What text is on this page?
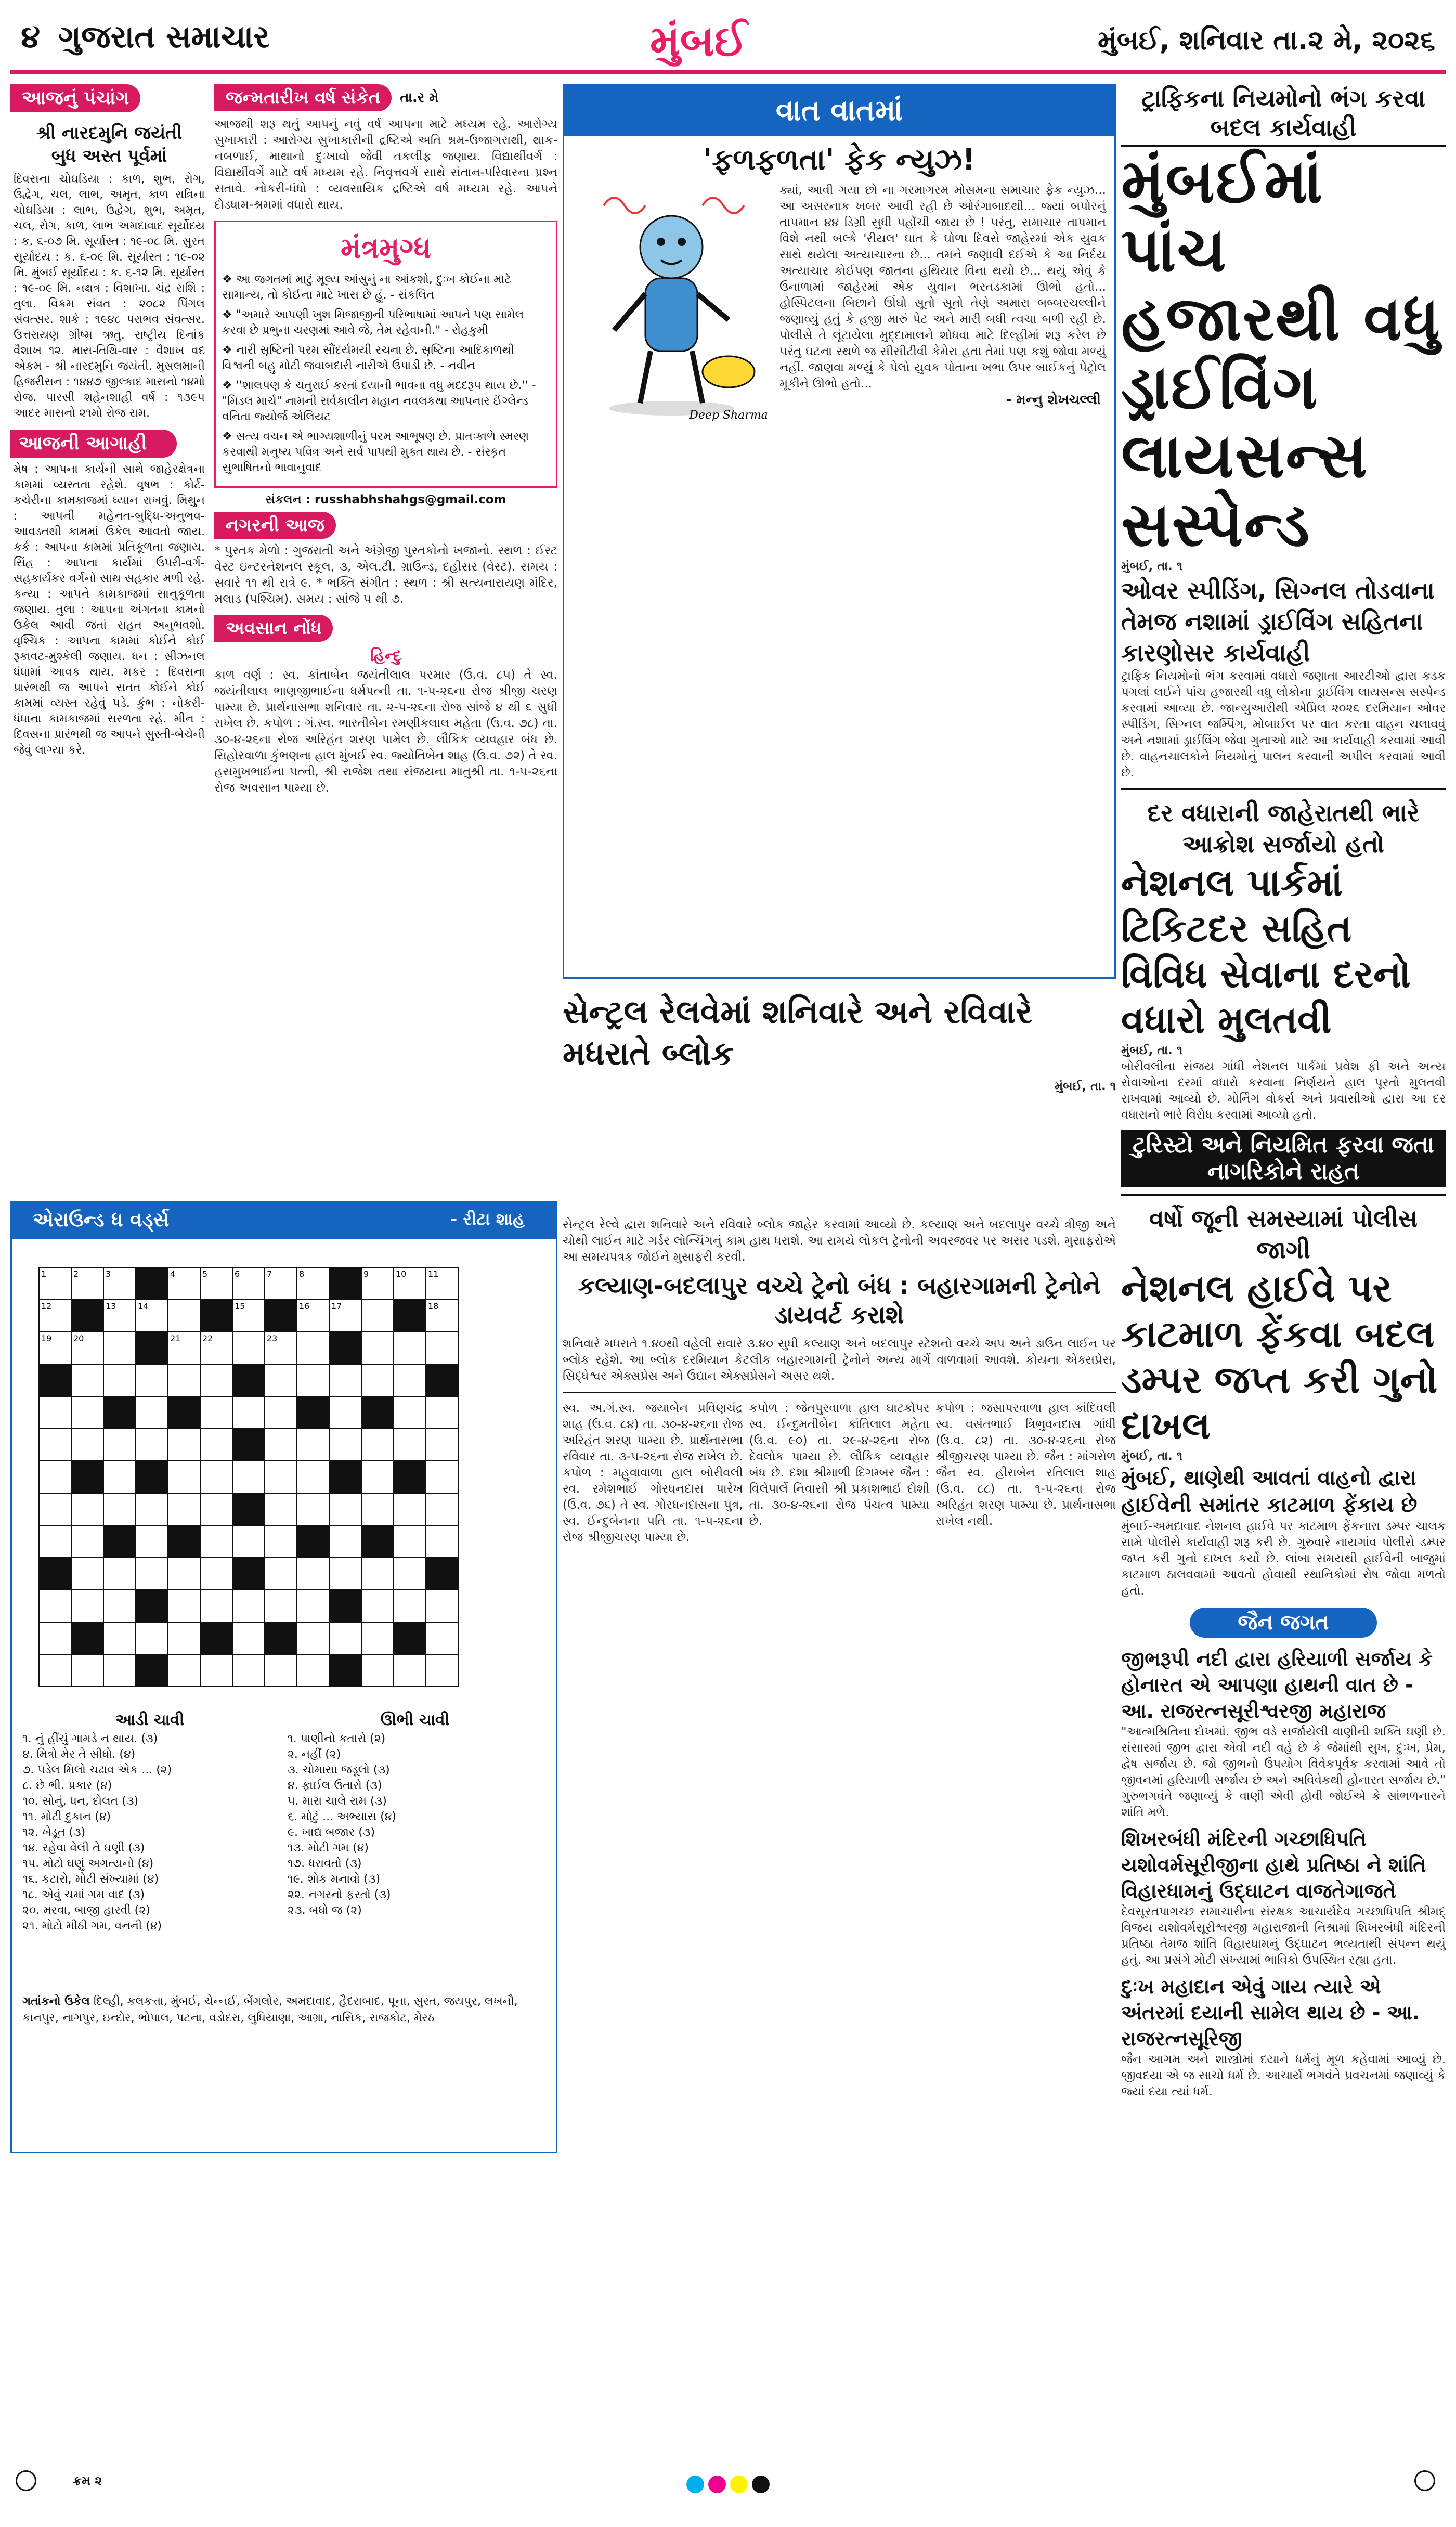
૪ ગુજરાત સમાચાર	મુંબઈ	મુંબઈ, શનિવાર તા.૨ મે, ૨૦૨૬
આજનું પંચાંગ
શ્રી નારદમુનિ જયંતી
બુધ અસ્ત પૂર્વમાં
દિવસના ચોઘડિયા : કાળ, શુભ, રોગ, ઉદ્વેગ, ચલ, લાભ, અમૃત, કાળ રાત્રિના ચોઘડિયા : લાભ, ઉદ્વેગ, શુભ, અમૃત, ચલ, રોગ, કાળ, લાભ અમદાવાદ સૂર્યોદય : ક. ૬-૦૭ મિ. સૂર્યાસ્ત : ૧૯-૦૮ મિ. સુરત સૂર્યોદય : ક. ૬-૦૯ મિ. સૂર્યાસ્ત : ૧૯-૦૨ મિ. મુંબઈ સૂર્યોદય : ક. ૬-૧૨ મિ. સૂર્યાસ્ત : ૧૯-૦૯ મિ. નક્ષત્ર : વિશાખા. ચંદ્ર રાશિ : તુલા. વિક્રમ સંવત : ૨૦૮૨ પિંગલ સંવત્સર. શાકે : ૧૯૪૮ પરાભવ સંવત્સર. ઉત્તરાયણ ગ્રીષ્મ ઋતુ. રાષ્ટ્રીય દિનાંક વૈશાખ ૧૨. માસ-તિથિ-વાર : વૈશાખ વદ એકમ - શ્રી નારદમુનિ જયંતી. મુસલમાની હિજરીસન : ૧૪૪૭ જીલ્કાદ માસનો ૧૪મો રોજ. પારસી શહેનશાહી વર્ષ : ૧૩૯૫ આદર માસનો ૨૧મો રોજ રામ.
આજની આગાહી
મેષ : આપના કાર્યની સાથે જાહેરક્ષેત્રના કામમાં વ્યસ્તતા રહેશે. વૃષભ : કોર્ટ-કચેરીના કામકાજમાં ધ્યાન રાખવું. મિથુન : આપની મહેનત-બુદ્ધિ-અનુભવ-આવડતથી કામમાં ઉકેલ આવતો જાય. કર્ક : આપના કામમાં પ્રતિકૂળતા જણાય. સિંહ : આપના કાર્યમાં ઉપરી-વર્ગ-સહકાર્યકર વર્ગનો સાથ સહકાર મળી રહે. કન્યા : આપને કામકાજમાં સાનુકૂળતા જણાય. તુલા : આપના અંગતના કામનો ઉકેલ આવી જતાં રાહત અનુભવશો. વૃશ્ચિક : આપના કામમાં કોઈને કોઈ રૂકાવટ-મુશ્કેલી જણાય. ધન : સીઝનલ ધંધામાં આવક થાય. મકર : દિવસના પ્રારંભથી જ આપને સતત કોઈને કોઈ કામમાં વ્યસ્ત રહેવું પડે. કુંભ : નોકરી-ધંધાના કામકાજમાં સરળતા રહે. મીન : દિવસના પ્રારંભથી જ આપને સુસ્તી-બેચેની જેવું લાગ્યા કરે.
જન્મતારીખ વર્ષ સંકેત	તા.ર મે
આજથી શરૂ થતું આપનું નવું વર્ષ આપના માટે મધ્યમ રહે. આરોગ્ય સુખાકારી : આરોગ્ય સુખાકારીની દ્રષ્ટિએ અતિ શ્રમ-ઉજાગરાથી, થાક-નબળાઈ, માથાનો દુઃખાવો જેવી તકલીફ જણાય. વિદ્યાર્થીવર્ગ : વિદ્યાર્થીવર્ગે માટે વર્ષ મધ્યમ રહે. નિવૃત્તવર્ગ સાથે સંતાન-પરિવારના પ્રશ્ન સતાવે. નોકરી-ધંધો : વ્યવસાયિક દ્રષ્ટિએ વર્ષ મધ્યમ રહે. આપને દોડધામ-શ્રમમાં વધારો થાય.
મંત્રમુગ્ધ
❖ આ જગતમાં માટું મૂલ્ય આંસુનું ના આંકશો, દુઃખ કોઈના માટે સામાન્ય, તો કોઈના માટે ખાસ છે હું. - સંકલિત
❖ "અમારે આપણી ખુશ મિજાજીની પરિભાષામાં આપને પણ સામેલ કરવા છે પ્રભુના ચરણમાં આવે જે, તેમ રહેવાની." - રોહકુમી
❖ નારી સૃષ્ટિની પરમ સૌંદર્યમયી રચના છે. સૃષ્ટિના આદિકાળથી વિશ્વની બહુ મોટી જવાબદારી નારીએ ઉપાડી છે. - નવીન
❖ ''શાલપણ કે ચતુરાઈ કરતાં દયાની ભાવના વધુ મદદરૂપ થાય છે.'' - "મિડલ માર્ચ" નામની સર્વકાલીન મહાન નવલકથા આપનાર ઈંગ્લેન્ડ વનિતા જ્યોર્જ એલિયટ
❖ સત્ય વચન એ ભાગ્યશાળીનું પરમ આભૂષણ છે. પ્રાતઃકાળે સ્મરણ કરવાથી મનુષ્ય પવિત્ર અને સર્વ પાપથી મુક્ત થાય છે. - સંસ્કૃત સુભાષિતનો ભાવાનુવાદ
સંકલન : russhabhshahgs@gmail.com
નગરની આજ
* પુસ્તક મેળો : ગુજરાતી અને અંગ્રેજી પુસ્તકોનો ખજાનો. સ્થળ : ઈસ્ટ વેસ્ટ ઇન્ટરનેશનલ સ્કૂલ, ૩, એલ.ટી. ગ્રાઉન્ડ, દહીસર (વેસ્ટ). સમય : સવારે ૧૧ થી રાત્રે ૯. * ભક્તિ સંગીત : સ્થળ : શ્રી સત્યનારાયણ મંદિર, મલાડ (પશ્ચિમ). સમય : સાંજે ૫ થી ૭.
અવસાન નોંધ
હિન્દુ
કાળ વર્ણ : સ્વ. કાંતાબેન જયંતીલાલ પરમાર (ઉ.વ. ૮૫) તે સ્વ. જયંતીલાલ ભાણજીભાઈના ધર્મપત્ની તા. ૧-૫-૨૬ના રોજ શ્રીજી ચરણ પામ્યા છે. પ્રાર્થનાસભા શનિવાર તા. ૨-૫-૨૬ના રોજ સાંજે ૪ થી ૬ સુધી રાખેલ છે. કપોળ : ગં.સ્વ. ભારતીબેન રમણીકલાલ મહેતા (ઉ.વ. ૭૮) તા. ૩૦-૪-૨૬ના રોજ અરિહંત શરણ પામેલ છે. લૌકિક વ્યવહાર બંધ છે. સિહોરવાળા કુંભણના હાલ મુંબઈ સ્વ. જ્યોતિબેન શાહ (ઉ.વ. ૭૨) તે સ્વ. હસમુખભાઈના પત્ની, શ્રી રાજેશ તથા સંજયના માતુશ્રી તા. ૧-૫-૨૬ના રોજ અવસાન પામ્યા છે.
વાત વાતમાં
'ફળફળતા' ફેક ન્યુઝ!
Deep Sharma
ક્યાં, આવી ગયા છો ના ગરમાગરમ મોસમના સમાચાર ફેક ન્યુઝ... આ અસરનાક ખબર આવી રહી છે ઓરંગાબાદથી... જ્યાં બપોરનું તાપમાન ૪૪ ડિગ્રી સુધી પહોંચી જાય છે ! પરંતુ, સમાચાર તાપમાન વિશે નથી બલ્કે 'રીયલ' ઘાત કે ઘોળા દિવસે જાહેરમાં એક યુવક સાથે થયેલા અત્યાચારના છે... તમને જણાવી દઈએ કે આ નિર્દય અત્યાચાર કોઈપણ જાતના હથિયાર વિના થયો છે... થયું એવું કે ઉનાળામાં જાહેરમાં એક યુવાન ભરતડકામાં ઊભો હતો... હોસ્પિટલના બિછાને ઊંઘો સૂતો સૂતો તેણે અમારા બબ્બરચલ્લીને જણાવ્યું હતું કે હજી મારું પેટ અને મારી બધી ત્વચા બળી રહી છે. પોલીસે તે લૂંટાયેલા મુદ્દામાલને શોધવા માટે દિલ્હીમાં શરૂ કરેલ છે પરંતુ ઘટના સ્થળે જ સીસીટીવી કેમેરા હતા તેમાં પણ કશું જોવા મળ્યું નહીં. જાણવા મળ્યું કે પેલો યુવક પોતાના ખભા ઉપર બાઈકનું પેટ્રોલ મૂકીને ઊભો હતો...
- મન્નુ શેખચલ્લી
સેન્ટ્રલ રેલવેમાં શનિવારે અને રવિવારે મધરાતે બ્લોક
મુંબઈ, તા. ૧
એરાઉન્ડ ધ વર્ડ્સ	- રીટા શાહ
1	2	3	4	5	6	7	8	9	10	11
12	13	14	15	16	17	18
19	20	21	22	23
આડી ચાવી
૧. નું હીંચું ગામડે ન થાય. (૩)
૪. મિત્રો મેર તે સીધો. (૪)
૭. પડેલ મિલો ચઢાવ એક ... (૨)
૮. છે ભી. પ્રકાર (૪)
૧૦. સોનું, ધન, દોલત (૩)
૧૧. મોટી દુકાન (૪)
૧૨. ખેડૂત (૩)
૧૪. રહેવા વેલી તે ઘણી (૩)
૧૫. મોટો ઘણું અગત્યનો (૪)
૧૬. કટારો, મોટી સંખ્યામાં (૪)
૧૮. એવું ચમાં ગમ વાદ (૩)
૨૦. મરવા, બાજી હારવી (૨)
૨૧. મોટો મીઠી ગમ, વનની (૪)
ઊભી ચાવી
૧. પાણીનો કતારો (૨)
૨. નહીં (૨)
૩. ચોમાસા જડૂલો (૩)
૪. ફાઈલ ઉતારો (૩)
૫. મારા ચાલે રામ (૩)
૬. મોટું ... અભ્યાસ (૪)
૯. ખાદ્ય બજાર (૩)
૧૩. મોટી ગમ (૪)
૧૭. ધરાવતો (૩)
૧૯. શોક મનાવો (૩)
૨૨. નગરનો ફરતો (૩)
૨૩. બધો જ (૨)
ગતાંકનો ઉકેલ દિલ્હી, કલકત્તા, મુંબઈ, ચેન્નઈ, બેંગલોર, અમદાવાદ, હૈદરાબાદ, પૂના, સુરત, જયપુર, લખનૌ, કાનપુર, નાગપુર, ઇન્દોર, ભોપાલ, પટના, વડોદરા, લુધિયાણા, આગ્રા, નાસિક, રાજકોટ, મેરઠ
સેન્ટ્રલ રેલ્વે દ્વારા શનિવારે અને રવિવારે બ્લોક જાહેર કરવામાં આવ્યો છે. કલ્યાણ અને બદલાપુર વચ્ચે ત્રીજી અને ચોથી લાઈન માટે ગર્ડર લોન્ચિંગનું કામ હાથ ધરાશે. આ સમયે લોકલ ટ્રેનોની અવરજવર પર અસર પડશે. મુસાફરોએ આ સમયપત્રક જોઈને મુસાફરી કરવી.
કલ્યાણ-બદલાપુર વચ્ચે ટ્રેનો બંધ : બહારગામની ટ્રેનોને ડાયવર્ટ કરાશે
શનિવારે મધરાતે ૧.૪૦થી વહેલી સવારે ૩.૪૦ સુધી કલ્યાણ અને બદલાપુર સ્ટેશનો વચ્ચે અપ અને ડાઉન લાઈન પર બ્લોક રહેશે. આ બ્લોક દરમિયાન કેટલીક બહારગામની ટ્રેનોને અન્ય માર્ગે વાળવામાં આવશે. કોયના એક્સપ્રેસ, સિદ્ધેશ્વર એક્સપ્રેસ અને ઉદ્યાન એક્સપ્રેસને અસર થશે.
સ્વ. અ.ગં.સ્વ. જયાબેન પ્રવિણચંદ્ર શાહ (ઉ.વ. ૮૪) તા. ૩૦-૪-૨૬ના રોજ અરિહંત શરણ પામ્યા છે. પ્રાર્થનાસભા રવિવાર તા. ૩-૫-૨૬ના રોજ રાખેલ છે. કપોળ : મહુવાવાળા હાલ બોરીવલી સ્વ. રમેશભાઈ ગોરધનદાસ પારેખ (ઉ.વ. ૭૬) તે સ્વ. ગોરધનદાસના પુત્ર, સ્વ. ઈન્દુબેનના પતિ તા. ૧-૫-૨૬ના રોજ શ્રીજીચરણ પામ્યા છે.
કપોળ : જેતપુરવાળા હાલ ઘાટકોપર સ્વ. ઈન્દુમતીબેન કાંતિલાલ મહેતા (ઉ.વ. ૯૦) તા. ૨૯-૪-૨૬ના રોજ દેવલોક પામ્યા છે. લૌકિક વ્યવહાર બંધ છે. દશા શ્રીમાળી દિગમ્બર જૈન : વિલેપાર્લે નિવાસી શ્રી પ્રકાશભાઈ દોશી તા. ૩૦-૪-૨૬ના રોજ પંચત્વ પામ્યા છે.
કપોળ : જસાપરવાળા હાલ કાંદિવલી સ્વ. વસંતભાઈ ત્રિભુવનદાસ ગાંધી (ઉ.વ. ૮૨) તા. ૩૦-૪-૨૬ના રોજ શ્રીજીચરણ પામ્યા છે. જૈન : માંગરોળ જૈન સ્વ. હીરાબેન રતિલાલ શાહ (ઉ.વ. ૮૮) તા. ૧-૫-૨૬ના રોજ અરિહંત શરણ પામ્યા છે. પ્રાર્થનાસભા રાખેલ નથી.
ટ્રાફિકના નિયમોનો ભંગ કરવા બદલ કાર્યવાહી
મુંબઈમાં પાંચ હજારથી વધુ ડ્રાઈવિંગ લાયસન્સ સસ્પેન્ડ
મુંબઈ, તા. ૧
ઓવર સ્પીડિંગ, સિગ્નલ તોડવાના તેમજ નશામાં ડ્રાઈવિંગ સહિતના કારણોસર કાર્યવાહી
ટ્રાફિક નિયમોનો ભંગ કરવામાં વધારો જણાતા આરટીઓ દ્વારા કડક પગલાં લઈને પાંચ હજારથી વધુ લોકોના ડ્રાઈવિંગ લાયસન્સ સસ્પેન્ડ કરવામાં આવ્યા છે. જાન્યુઆરીથી એપ્રિલ ૨૦૨૬ દરમિયાન ઓવર સ્પીડિંગ, સિગ્નલ જમ્પિંગ, મોબાઈલ પર વાત કરતા વાહન ચલાવવું અને નશામાં ડ્રાઈવિંગ જેવા ગુનાઓ માટે આ કાર્યવાહી કરવામાં આવી છે. વાહનચાલકોને નિયમોનું પાલન કરવાની અપીલ કરવામાં આવી છે.
દર વધારાની જાહેરાતથી ભારે આક્રોશ સર્જાયો હતો
નેશનલ પાર્કમાં ટિકિટદર સહિત વિવિધ સેવાના દરનો વધારો મુલતવી
મુંબઈ, તા. ૧
બોરીવલીના સંજય ગાંધી નેશનલ પાર્કમાં પ્રવેશ ફી અને અન્ય સેવાઓના દરમાં વધારો કરવાના નિર્ણયને હાલ પૂરતો મુલતવી રાખવામાં આવ્યો છે. મોર્નિંગ વોકર્સ અને પ્રવાસીઓ દ્વારા આ દર વધારાનો ભારે વિરોધ કરવામાં આવ્યો હતો.
ટુરિસ્ટો અને નિયમિત ફરવા જતા નાગરિકોને રાહત
વર્ષો જૂની સમસ્યામાં પોલીસ જાગી
નેશનલ હાઈવે પર કાટમાળ ફેંકવા બદલ ડમ્પર જપ્ત કરી ગુનો દાખલ
મુંબઈ, તા. ૧
મુંબઈ, થાણેથી આવતાં વાહનો દ્વારા હાઈવેની સમાંતર કાટમાળ ફેંકાય છે
મુંબઈ-અમદાવાદ નેશનલ હાઈવે પર કાટમાળ ફેંકનારા ડમ્પર ચાલક સામે પોલીસે કાર્યવાહી શરૂ કરી છે. ગુરુવારે નાયગાંવ પોલીસે ડમ્પર જપ્ત કરી ગુનો દાખલ કર્યો છે. લાંબા સમયથી હાઈવેની બાજુમાં કાટમાળ ઠાલવવામાં આવતો હોવાથી સ્થાનિકોમાં રોષ જોવા મળતો હતો.
જૈન જગત
જીભરૂપી નદી દ્વારા હરિયાળી સર્જાય કે હોનારત એ આપણા હાથની વાત છે - આ. રાજરત્નસૂરીશ્વરજી મહારાજ
"આત્મશ્રિતિના દોખમાં. જીભ વડે સર્જાયેલી વાણીની શક્તિ ઘણી છે. સંસારમાં જીભ દ્વારા એવી નદી વહે છે કે જેમાંથી સુખ, દુઃખ, પ્રેમ, દ્વેષ સર્જાય છે. જો જીભનો ઉપયોગ વિવેકપૂર્વક કરવામાં આવે તો જીવનમાં હરિયાળી સર્જાય છે અને અવિવેકથી હોનારત સર્જાય છે." ગુરુભગવંતે જણાવ્યું કે વાણી એવી હોવી જોઈએ કે સાંભળનારને શાંતિ મળે.
શિખરબંધી મંદિરની ગચ્છાધિપતિ યશોવર્મસૂરીજીના હાથે પ્રતિષ્ઠા ને શાંતિ વિહારધામનું ઉદ્ઘાટન વાજતેગાજતે
દેવસૂરતપાગચ્છ સમાચારીના સંરક્ષક આચાર્યદેવ ગચ્છાધિપતિ શ્રીમદ્ વિજય યશોવર્મસૂરીશ્વરજી મહારાજાની નિશ્રામાં શિખરબંધી મંદિરની પ્રતિષ્ઠા તેમજ શાંતિ વિહારધામનું ઉદ્ઘાટન ભવ્યતાથી સંપન્ન થયું હતું. આ પ્રસંગે મોટી સંખ્યામાં ભાવિકો ઉપસ્થિત રહ્યા હતા.
દુઃખ મહાદાન એવું ગાય ત્યારે એ અંતરમાં દયાની સામેલ થાય છે - આ. રાજરત્નસૂરિજી
જૈન આગમ અને શાસ્ત્રોમાં દયાને ધર્મનું મૂળ કહેવામાં આવ્યું છે. જીવદયા એ જ સાચો ધર્મ છે. આચાર્ય ભગવંતે પ્રવચનમાં જણાવ્યું કે જ્યાં દયા ત્યાં ધર્મ.
ક્રમ ૨
